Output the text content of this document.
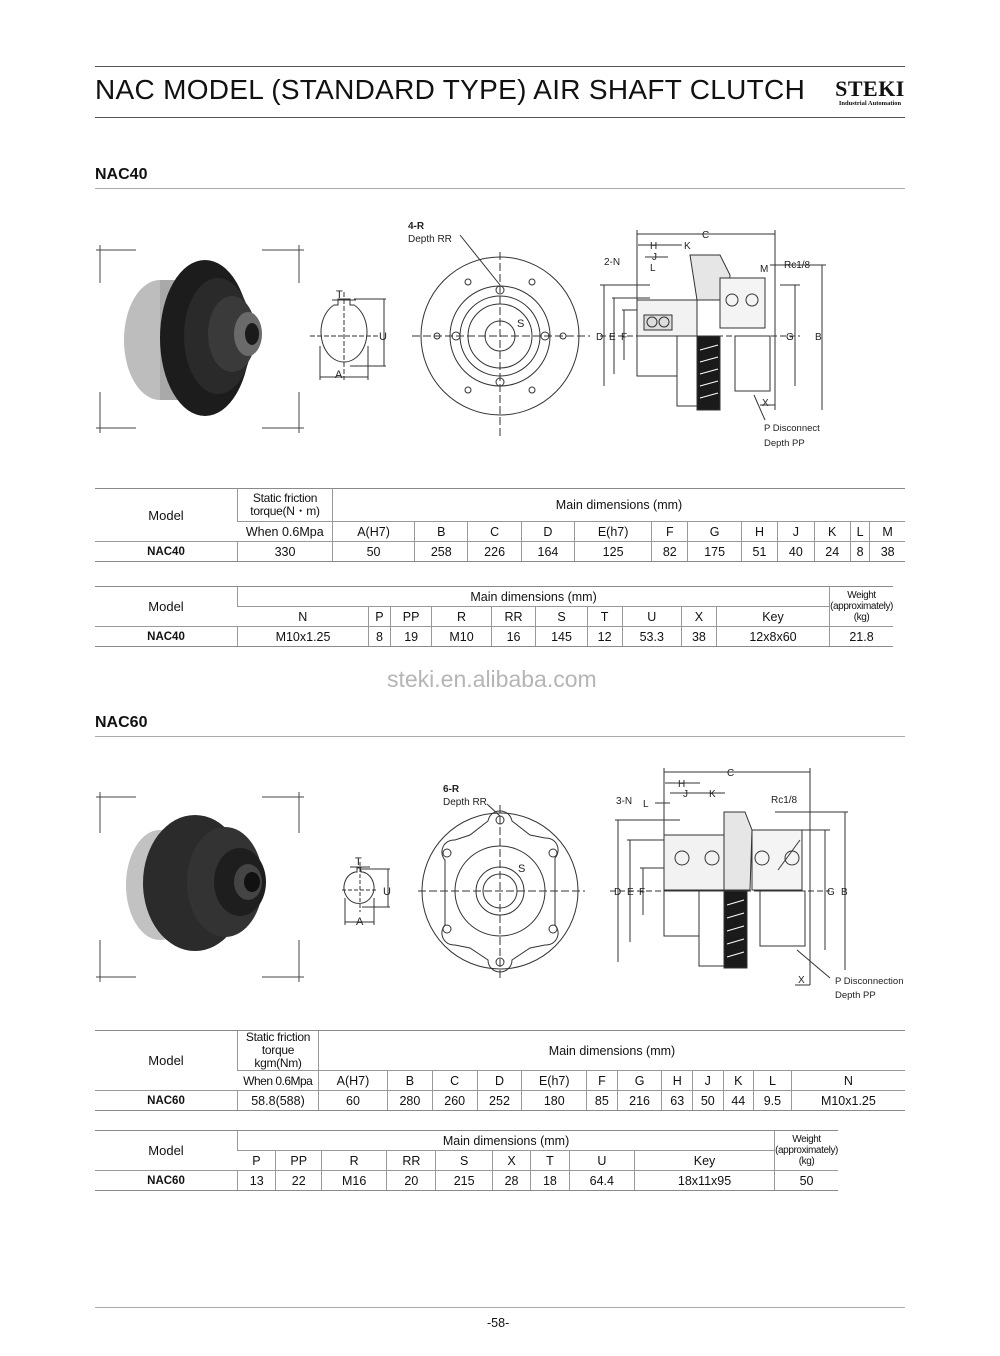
NAC MODEL (STANDARD TYPE) AIR SHAFT CLUTCH STEKI
Industrial Automation
NAC40
T
U
A
4-R
Depth RR
S
C
H	K
J
L
2-N
M Rc1/8
D E F	G B
X
P Disconnect
Depth PP
Model	Static friction torque(N・m)	Main dimensions (mm)											
	When 0.6Mpa	A(H7)	B	C	D	E(h7)	F	G	H	J	K	L	M
NAC40	330	50	258	226	164	125	82	175	51	40	24	8	38
Model	Main dimensions (mm)										Weight (approximately) (kg)
	N	P	PP	R	RR	S	T	U	X	Key	
NAC40	M10x1.25	8	19	M10	16	145	12	53.3	38	12x8x60	21.8
steki.en.alibaba.com
NAC60
T
U
A
6-R
Depth RR
S
C
H
J K
L
3-N	Rc1/8
D E F	G B
X	P Disconnection
Depth PP
Model	Static friction torque kgm(Nm)	Main dimensions (mm)											
	When 0.6Mpa	A(H7)	B	C	D	E(h7)	F	G	H	J	K	L	N
NAC60	58.8(588)	60	280	260	252	180	85	216	63	50	44	9.5	M10x1.25
Model	Main dimensions (mm)									Weight (approximately) (kg)
	P	PP	R	RR	S	X	T	U	Key	
NAC60	13	22	M16	20	215	28	18	64.4	18x11x95	50
-58-
